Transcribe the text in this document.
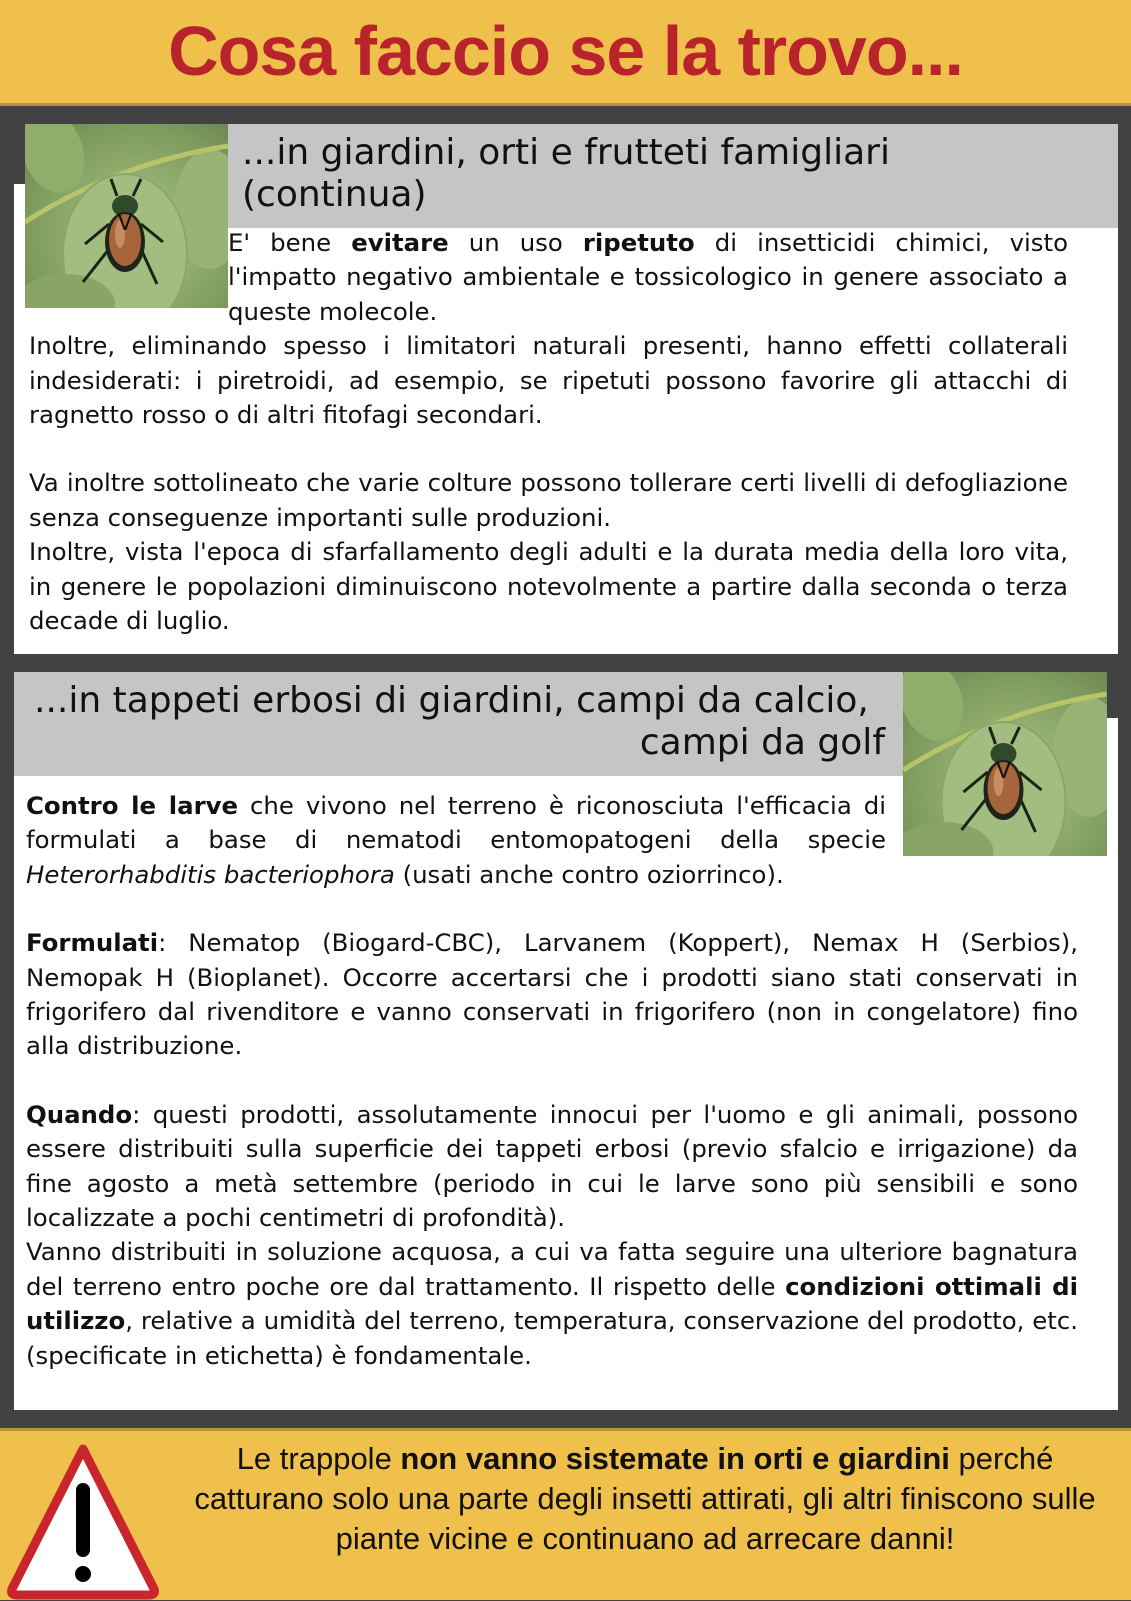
Cosa faccio se la trovo...

E' bene evitare un uso ripetuto di insetticidi chimici, visto l'impatto negativo ambientale e tossicologico in genere associato a queste molecole.

Inoltre, eliminando spesso i limitatori naturali presenti, hanno effetti collaterali indesiderati: i piretroidi, ad esempio, se ripetuti possono favorire gli attacchi di ragnetto rosso o di altri fitofagi secondari.

Va inoltre sottolineato che varie colture possono tollerare certi livelli di defogliazione senza conseguenze importanti sulle produzioni.

Inoltre, vista l'epoca di sfarfallamento degli adulti e la durata media della loro vita, in genere le popolazioni diminuiscono notevolmente a partire dalla seconda o terza decade di luglio.

...in giardini, orti e frutteti famigliari
(continua)
V

Contro le larve che vivono nel terreno è riconosciuta l'efficacia di formulati a base di nematodi entomopatogeni della specie Heterorhabditis bacteriophora (usati anche contro oziorrinco).

Formulati: Nematop (Biogard-CBC), Larvanem (Koppert), Nemax H (Serbios), Nemopak H (Bioplanet). Occorre accertarsi che i prodotti siano stati conservati in frigorifero dal rivenditore e vanno conservati in frigorifero (non in congelatore) fino alla distribuzione.

Quando: questi prodotti, assolutamente innocui per l'uomo e gli animali, possono essere distribuiti sulla superficie dei tappeti erbosi (previo sfalcio e irrigazione) da fine agosto a metà settembre (periodo in cui le larve sono più sensibili e sono localizzate a pochi centimetri di profondità).

Vanno distribuiti in soluzione acquosa, a cui va fatta seguire una ulteriore bagnatura del terreno entro poche ore dal trattamento. Il rispetto delle condizioni ottimali di utilizzo, relative a umidità del terreno, temperatura, conservazione del prodotto, etc. (specificate in etichetta) è fondamentale.

...in tappeti erbosi di giardini, campi da calcio,
campi da golf
V
Le trappole non vanno sistemate in orti e giardini perché catturano solo una parte degli insetti attirati, gli altri finiscono sulle piante vicine e continuano ad arrecare danni!
